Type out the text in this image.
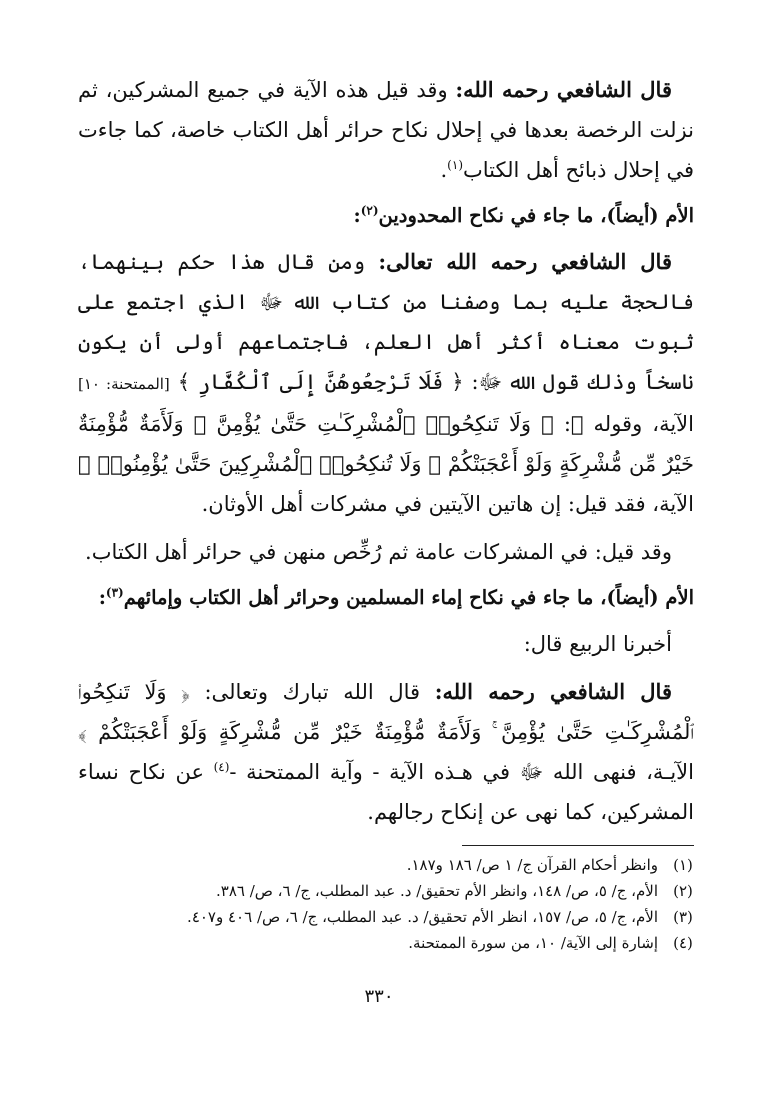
قال الشافعي رحمه الله: وقد قيل هذه الآية في جميع المشركين، ثم نزلت الرخصة بعدها في إحلال نكاح حرائر أهل الكتاب خاصة، كما جاءت في إحلال ذبائح أهل الكتاب$^{(١)}$.

الأم (أيضاً)، ما جاء في نكاح المحدودين$^{(٢)}$:

قال الشافعي رحمه الله تعالى: ومن قال هذا حكم بينهما، فالحجة عليه بما وصفنا من كتاب الله ﷻ الذي اجتمع على ثبوت معناه أكثر أهل العلم، فاجتماعهم أولى أن يكون ناسخاً وذلك قول الله ﷻ: ﴿ فَلَا تَرْجِعُوهُنَّ إِلَى ٱلْكُفَّارِ ﴾ [الممتحنة: ١٠] الآية، وقوله ﷻ: ﴿ وَلَا تَنكِحُوا۟ ٱلْمُشْرِكَـٰتِ حَتَّىٰ يُؤْمِنَّ ۚ وَلَأَمَةٌ مُّؤْمِنَةٌ خَيْرٌ مِّن مُّشْرِكَةٍ وَلَوْ أَعْجَبَتْكُمْ ۗ وَلَا تُنكِحُوا۟ ٱلْمُشْرِكِينَ حَتَّىٰ يُؤْمِنُوا۟ ﴾ الآية، فقد قيل: إن هاتين الآيتين في مشركات أهل الأوثان.

وقد قيل: في المشركات عامة ثم رُخِّص منهن في حرائر أهل الكتاب.

الأم (أيضاً)، ما جاء في نكاح إماء المسلمين وحرائر أهل الكتاب وإمائهم$^{(٣)}$:

أخبرنا الربيع قال:

قال الشافعي رحمه الله: قال الله تبارك وتعالى: ﴿ وَلَا تَنكِحُوا۟ ٱلْمُشْرِكَـٰتِ حَتَّىٰ يُؤْمِنَّ ۚ وَلَأَمَةٌ مُّؤْمِنَةٌ خَيْرٌ مِّن مُّشْرِكَةٍ وَلَوْ أَعْجَبَتْكُمْ ﴾ الآيـة، فنهى الله ﷻ في هـذه الآية - وآية الممتحنة -$^{(٤)}$ عن نكاح نساء المشركين، كما نهى عن إنكاح رجالهم.

(١)
وانظر أحكام القرآن ج/ ١ ص/ ١٨٦ و١٨٧.
(٢)
الأم، ج/ ٥، ص/ ١٤٨، وانظر الأم تحقيق/ د. عبد المطلب، ج/ ٦، ص/ ٣٨٦.
(٣)
الأم، ج/ ٥، ص/ ١٥٧، انظر الأم تحقيق/ د. عبد المطلب، ج/ ٦، ص/ ٤٠٦ و٤٠٧.
(٤)
إشارة إلى الآية/ ١٠، من سورة الممتحنة.
٣٣٠
